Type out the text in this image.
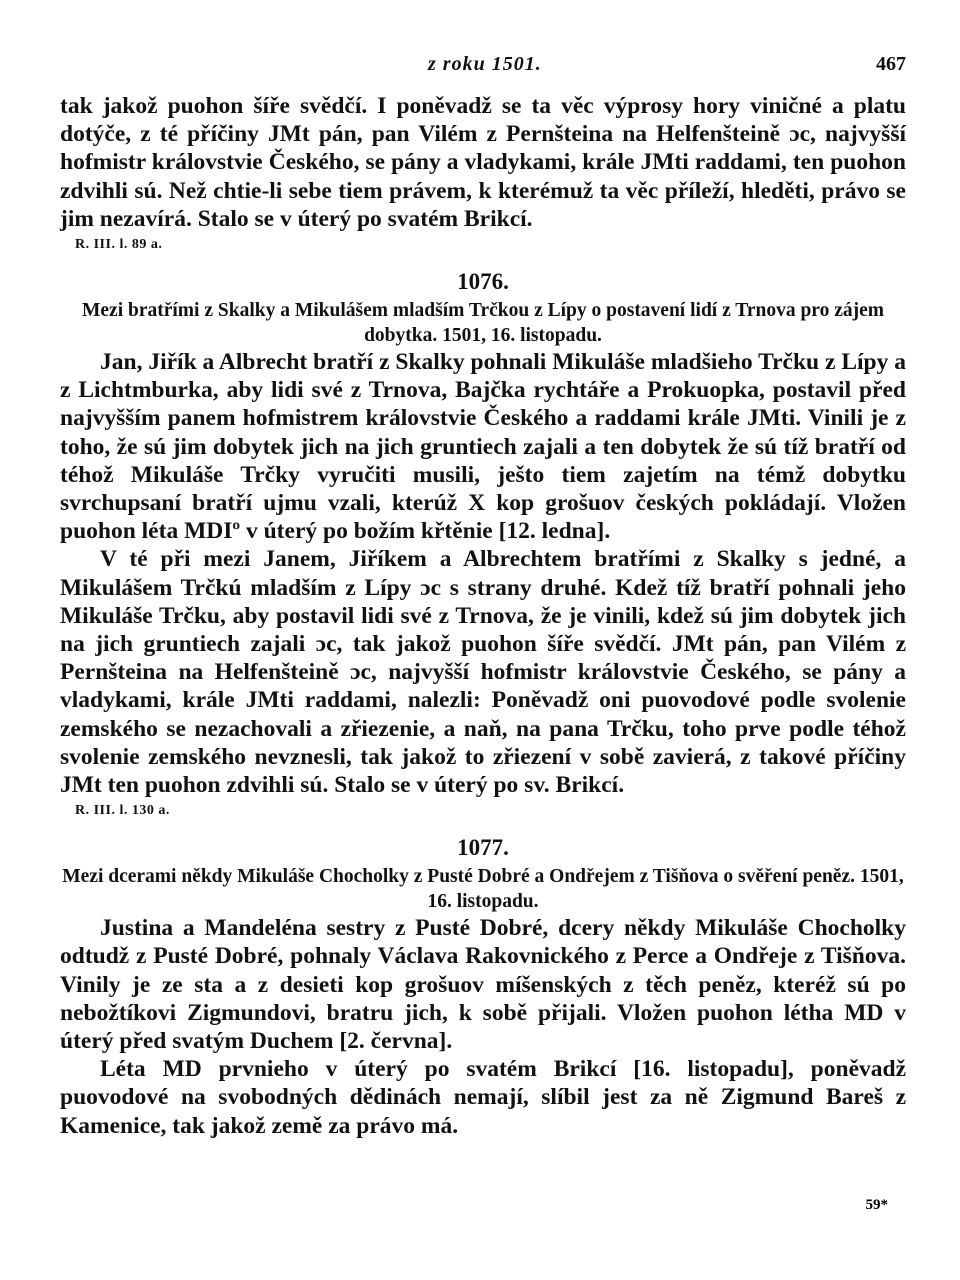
z roku 1501.	467

tak jakož puohon šíře svědčí. I poněvadž se ta věc výprosy hory viničné a platu dotýče, z té příčiny JMt pán, pan Vilém z Pernšteina na Helfenšteině ɔc, najvyšší hofmistr královstvie Českého, se pány a vladykami, krále JMti raddami, ten puohon zdvihli sú. Než chtie-li sebe tiem právem, k kterémuž ta věc příleží, hleděti, právo se jim nezavírá. Stalo se v úterý po svatém Brikcí.

R. III. l. 89 a.
1076.
Mezi bratřími z Skalky a Mikulášem mladším Trčkou z Lípy o postavení lidí z Trnova pro zájem dobytka. 1501, 16. listopadu.

Jan, Jiřík a Albrecht bratří z Skalky pohnali Mikuláše mladšieho Trčku z Lípy a z Lichtmburka, aby lidi své z Trnova, Bajčka rychtáře a Prokuopka, postavil před najvyšším panem hofmistrem královstvie Českého a raddami krále JMti. Vinili je z toho, že sú jim dobytek jich na jich gruntiech zajali a ten dobytek že sú tíž bratří od téhož Mikuláše Trčky vyručiti musili, ješto tiem zajetím na témž dobytku svrchupsaní bratří ujmu vzali, kterúž X kop grošuov českých pokládají. Vložen puohon léta MDIº v úterý po božím křtěnie [12. ledna].

V té při mezi Janem, Jiříkem a Albrechtem bratřími z Skalky s jedné, a Mikulášem Trčkú mladším z Lípy ɔc s strany druhé. Kdež tíž bratří pohnali jeho Mikuláše Trčku, aby postavil lidi své z Trnova, že je vinili, kdež sú jim dobytek jich na jich gruntiech zajali ɔc, tak jakož puohon šíře svědčí. JMt pán, pan Vilém z Pernšteina na Helfenšteině ɔc, najvyšší hofmistr královstvie Českého, se pány a vladykami, krále JMti raddami, nalezli: Poněvadž oni puovodové podle svolenie zemského se nezachovali a zřiezenie, a naň, na pana Trčku, toho prve podle téhož svolenie zemského nevznesli, tak jakož to zřiezení v sobě zavierá, z takové příčiny JMt ten puohon zdvihli sú. Stalo se v úterý po sv. Brikcí.

R. III. l. 130 a.
1077.
Mezi dcerami někdy Mikuláše Chocholky z Pusté Dobré a Ondřejem z Tišňova o svěření peněz. 1501, 16. listopadu.

Justina a Mandeléna sestry z Pusté Dobré, dcery někdy Mikuláše Chocholky odtudž z Pusté Dobré, pohnaly Václava Rakovnického z Perce a Ondřeje z Tišňova. Vinily je ze sta a z desieti kop grošuov míšenských z těch peněz, kteréž sú po nebožtíkovi Zigmundovi, bratru jich, k sobě přijali. Vložen puohon létha MD v úterý před svatým Duchem [2. června].

Léta MD prvnieho v úterý po svatém Brikcí [16. listopadu], poněvadž puovodové na svobodných dědinách nemají, slíbil jest za ně Zigmund Bareš z Kamenice, tak jakož země za právo má.

59*
